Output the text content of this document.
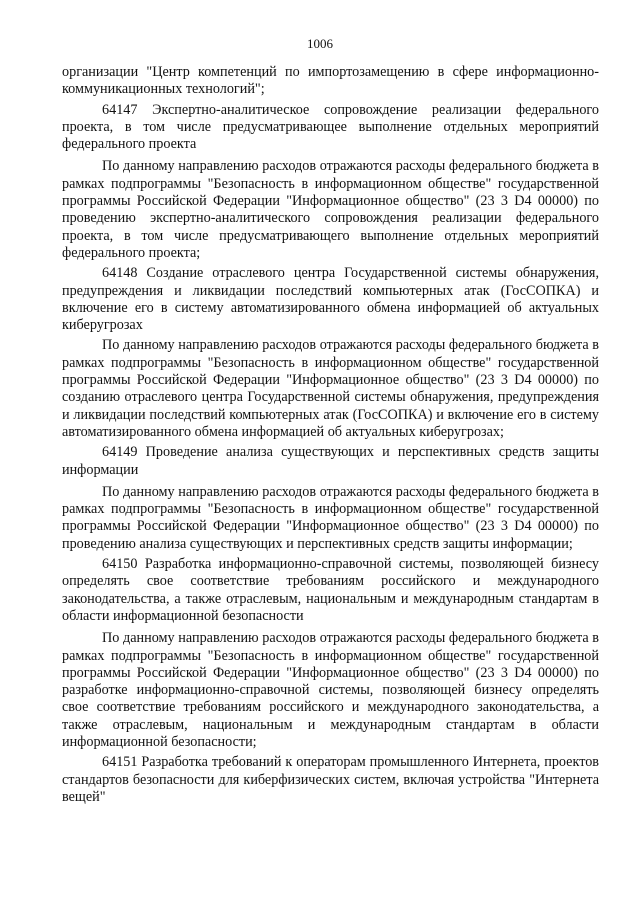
1006

организации "Центр компетенций по импортозамещению в сфере информационно-коммуникационных технологий";

64147 Экспертно-аналитическое сопровождение реализации федерального проекта, в том числе предусматривающее выполнение отдельных мероприятий федерального проекта

По данному направлению расходов отражаются расходы федерального бюджета в рамках подпрограммы "Безопасность в информационном обществе" государственной программы Российской Федерации "Информационное общество" (23 3 D4 00000) по проведению экспертно-аналитического сопровождения реализации федерального проекта, в том числе предусматривающего выполнение отдельных мероприятий федерального проекта;

64148 Создание отраслевого центра Государственной системы обнаружения, предупреждения и ликвидации последствий компьютерных атак (ГосСОПКА) и включение его в систему автоматизированного обмена информацией об актуальных киберугрозах

По данному направлению расходов отражаются расходы федерального бюджета в рамках подпрограммы "Безопасность в информационном обществе" государственной программы Российской Федерации "Информационное общество" (23 3 D4 00000) по созданию отраслевого центра Государственной системы обнаружения, предупреждения и ликвидации последствий компьютерных атак (ГосСОПКА) и включение его в систему автоматизированного обмена информацией об актуальных киберугрозах;

64149 Проведение анализа существующих и перспективных средств защиты информации

По данному направлению расходов отражаются расходы федерального бюджета в рамках подпрограммы "Безопасность в информационном обществе" государственной программы Российской Федерации "Информационное общество" (23 3 D4 00000) по проведению анализа существующих и перспективных средств защиты информации;

64150 Разработка информационно-справочной системы, позволяющей бизнесу определять свое соответствие требованиям российского и международного законодательства, а также отраслевым, национальным и международным стандартам в области информационной безопасности

По данному направлению расходов отражаются расходы федерального бюджета в рамках подпрограммы "Безопасность в информационном обществе" государственной программы Российской Федерации "Информационное общество" (23 3 D4 00000) по разработке информационно-справочной системы, позволяющей бизнесу определять свое соответствие требованиям российского и международного законодательства, а также отраслевым, национальным и международным стандартам в области информационной безопасности;

64151 Разработка требований к операторам промышленного Интернета, проектов стандартов безопасности для киберфизических систем, включая устройства "Интернета вещей"
